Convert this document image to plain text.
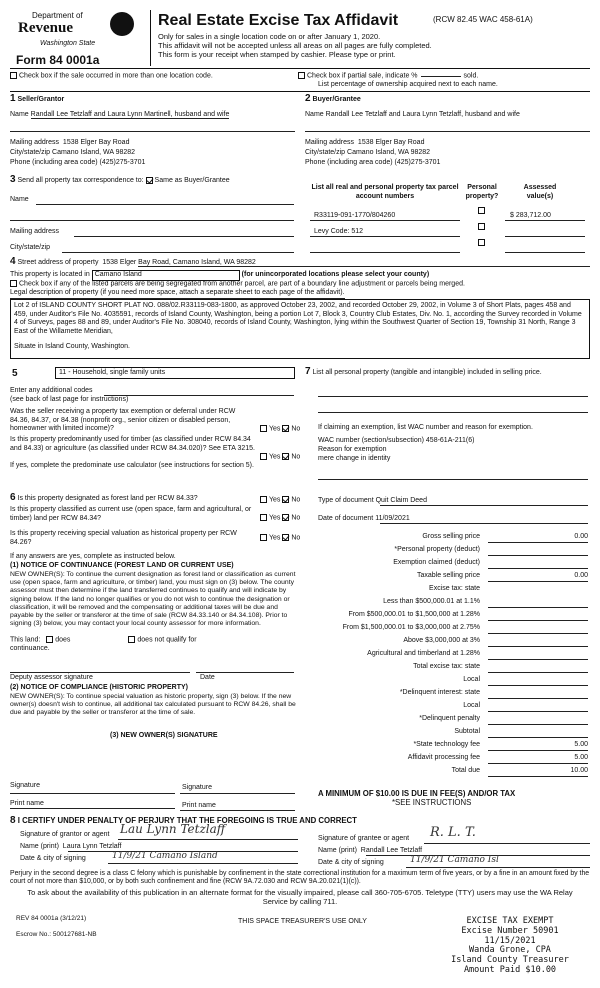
Department of
Revenue
Washington State
Form 84 0001a
Real Estate Excise Tax Affidavit	(RCW 82.45 WAC 458-61A)
Only for sales in a single location code on or after January 1, 2020.
This affidavit will not be accepted unless all areas on all pages are fully completed.
This form is your receipt when stamped by cashier. Please type or print.
Check box if the sale occurred in more than one location code.	Check box if partial sale, indicate %	sold.
List percentage of ownership acquired next to each name.
1 Seller/Grantor
Name Randall Lee Tetzlaff and Laura Lynn Martinell, husband and wife
Mailing address 1538 Elger Bay Road
City/state/zip Camano Island, WA 98282
Phone (including area code) (425)275-3701
2 Buyer/Grantee
Name Randall Lee Tetzlaff and Laura Lynn Tetzlaff, husband and wife
Mailing address 1538 Elger Bay Road
City/state/zip Camano Island, WA 98282
Phone (including area code) (425)275-3701
3 Send all property tax correspondence to: Same as Buyer/Grantee
Name
Mailing address
City/state/zip
List all real and personal property tax parcel account numbers
Personal property?
Assessed value(s)
R33119-091-1770/804260	$ 283,712.00
Levy Code: 512
4 Street address of property 1538 Elger Bay Road, Camano Island, WA 98282
This property is located in Camano Island	(for unincorporated locations please select your county)
Check box if any of the listed parcels are being segregated from another parcel, are part of a boundary line adjustment or parcels being merged.
Legal description of property (if you need more space, attach a separate sheet to each page of the affidavit).
Lot 2 of ISLAND COUNTY SHORT PLAT NO. 088/02.R33119-083-1800, as approved October 23, 2002, and recorded October 29, 2002, in Volume 3 of Short Plats, pages 458 and 459, under Auditor's File No. 4035591, records of Island County, Washington, being a portion Lot 7, Block 3, Country Club Estates, Div. No. 1, according the Survey recorded in Volume 4 of Surveys, pages 88 and 89, under Auditor's File No. 308040, records of Island County, Washington, lying within the Southwest Quarter of Section 19, Township 31 North, Range 3 East of the Willamette Meridian,
Situate in Island County, Washington.
5	11 - Household, single family units
Enter any additional codes
(see back of last page for instructions)
Was the seller receiving a property tax exemption or deferral under RCW 84.36, 84.37, or 84.38 (nonprofit org., senior citizen or disabled person, homeowner with limited income)?	Yes No
Is this property predominantly used for timber (as classified under RCW 84.34 and 84.33) or agriculture (as classified under RCW 84.34.020)? See ETA 3215.
Yes No
If yes, complete the predominate use calculator (see instructions for section 5).
7 List all personal property (tangible and intangible) included in selling price.
If claiming an exemption, list WAC number and reason for exemption.
WAC number (section/subsection) 458-61A-211(6)
Reason for exemption
mere change in identity
6 Is this property designated as forest land per RCW 84.33?	Yes No
Is this property classified as current use (open space, farm and agricultural, or timber) land per RCW 84.34?	Yes No
Is this property receiving special valuation as historical property per RCW 84.26?
Yes No
If any answers are yes, complete as instructed below.
(1) NOTICE OF CONTINUANCE (FOREST LAND OR CURRENT USE)
NEW OWNER(S): To continue the current designation as forest land or classification as current use (open space, farm and agriculture, or timber) land, you must sign on (3) below. The county assessor must then determine if the land transferred continues to qualify and will indicate by signing below. If the land no longer qualifies or you do not wish to continue the designation or classification, it will be removed and the compensating or additional taxes will be due and payable by the seller or transferor at the time of sale (RCW 84.33.140 or 84.34.108). Prior to signing (3) below, you may contact your local county assessor for more information.
This land: does	does not qualify for
continuance.
Deputy assessor signature	Date
(2) NOTICE OF COMPLIANCE (HISTORIC PROPERTY)
NEW OWNER(S): To continue special valuation as historic property, sign (3) below. If the new owner(s) doesn't wish to continue, all additional tax calculated pursuant to RCW 84.26, shall be due and payable by the seller or transferor at the time of sale.
(3) NEW OWNER(S) SIGNATURE
Signature	Signature
Print name	Print name
Type of document Quit Claim Deed
Date of document 11/09/2021
Gross selling price	0.00
*Personal property (deduct)
Exemption claimed (deduct)
Taxable selling price	0.00
Excise tax: state
Less than $500,000.01 at 1.1%
From $500,000.01 to $1,500,000 at 1.28%
From $1,500,000.01 to $3,000,000 at 2.75%
Above $3,000,000 at 3%
Agricultural and timberland at 1.28%
Total excise tax: state
Local
*Delinquent interest: state
Local
*Delinquent penalty
Subtotal
*State technology fee	5.00
Affidavit processing fee	5.00
Total due	10.00
A MINIMUM OF $10.00 IS DUE IN FEE(S) AND/OR TAX
*SEE INSTRUCTIONS
8 I CERTIFY UNDER PENALTY OF PERJURY THAT THE FOREGOING IS TRUE AND CORRECT
Signature of grantor or agent Lau Lynn Tetzlaff
Name (print) Laura Lynn Tetzlaff
Date & city of signing	11/9/21 Camano Island
Signature of grantee or agent R. L. T.
Name (print) Randall Lee Tetzlaff
Date & city of signing	11/9/21 Camano Isl
Perjury in the second degree is a class C felony which is punishable by confinement in the state correctional institution for a maximum term of five years, or by a fine in an amount fixed by the court of not more than $10,000, or by both such confinement and fine (RCW 9A.72.030 and RCW 9A.20.021(1)(c)).
To ask about the availability of this publication in an alternate format for the visually impaired, please call 360-705-6705. Teletype (TTY) users may use the WA Relay Service by calling 711.
REV 84 0001a (3/12/21)
Escrow No.: 500127681-NB
THIS SPACE TREASURER'S USE ONLY	EXCISE TAX EXEMPT
Excise Number 50901
11/15/2021
Wanda Grone, CPA
Island County Treasurer
Amount Paid $10.00
